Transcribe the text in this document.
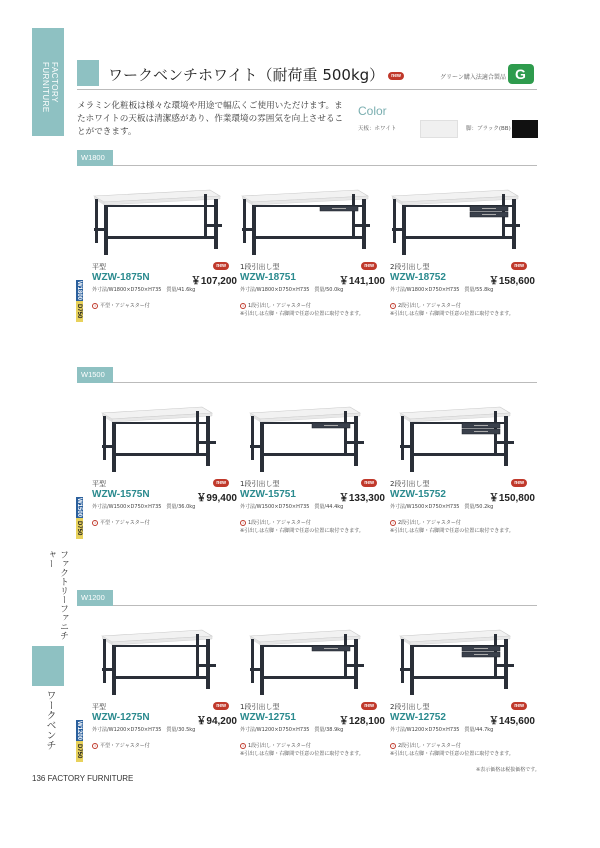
FACTORY FURNITURE
ファクトリーファニチャー
ワークベンチ
ワークベンチホワイト（耐荷重 500kg） new	グリーン購入法適合製品
G
メラミン化粧板は様々な環境や用途で幅広くご使用いただけます。またホワイトの天板は清潔感があり、作業環境の雰囲気を向上させることができます。
Color
天板：ホワイト	脚：ブラック(BB)
W1800
W1800
D750
平型	new
WZW-1875N	￥107,200
外寸法/W1800×D750×H735　質量/41.6kg
i 平型・アジャスター付
1段引出し型	new
WZW-18751	￥141,100
外寸法/W1800×D750×H735　質量/50.0kg
i 1段引出し・アジャスター付
※引出しは左脚・右脚間で任意の位置に取付できます。
2段引出し型	new
WZW-18752	￥158,600
外寸法/W1800×D750×H735　質量/55.8kg
i 2段引出し・アジャスター付
※引出しは左脚・右脚間で任意の位置に取付できます。
W1500
W1500
D750
平型	new
WZW-1575N	￥99,400
外寸法/W1500×D750×H735　質量/36.0kg
i 平型・アジャスター付
1段引出し型	new
WZW-15751	￥133,300
外寸法/W1500×D750×H735　質量/44.4kg
i 1段引出し・アジャスター付
※引出しは左脚・右脚間で任意の位置に取付できます。
2段引出し型	new
WZW-15752	￥150,800
外寸法/W1500×D750×H735　質量/50.2kg
i 2段引出し・アジャスター付
※引出しは左脚・右脚間で任意の位置に取付できます。
W1200
W1200
D750
平型	new
WZW-1275N	￥94,200
外寸法/W1200×D750×H735　質量/30.5kg
i 平型・アジャスター付
1段引出し型	new
WZW-12751	￥128,100
外寸法/W1200×D750×H735　質量/38.9kg
i 1段引出し・アジャスター付
※引出しは左脚・右脚間で任意の位置に取付できます。
2段引出し型	new
WZW-12752	￥145,600
外寸法/W1200×D750×H735　質量/44.7kg
i 2段引出し・アジャスター付
※引出しは左脚・右脚間で任意の位置に取付できます。
※表示価格は税抜価格です。
136 FACTORY FURNITURE
